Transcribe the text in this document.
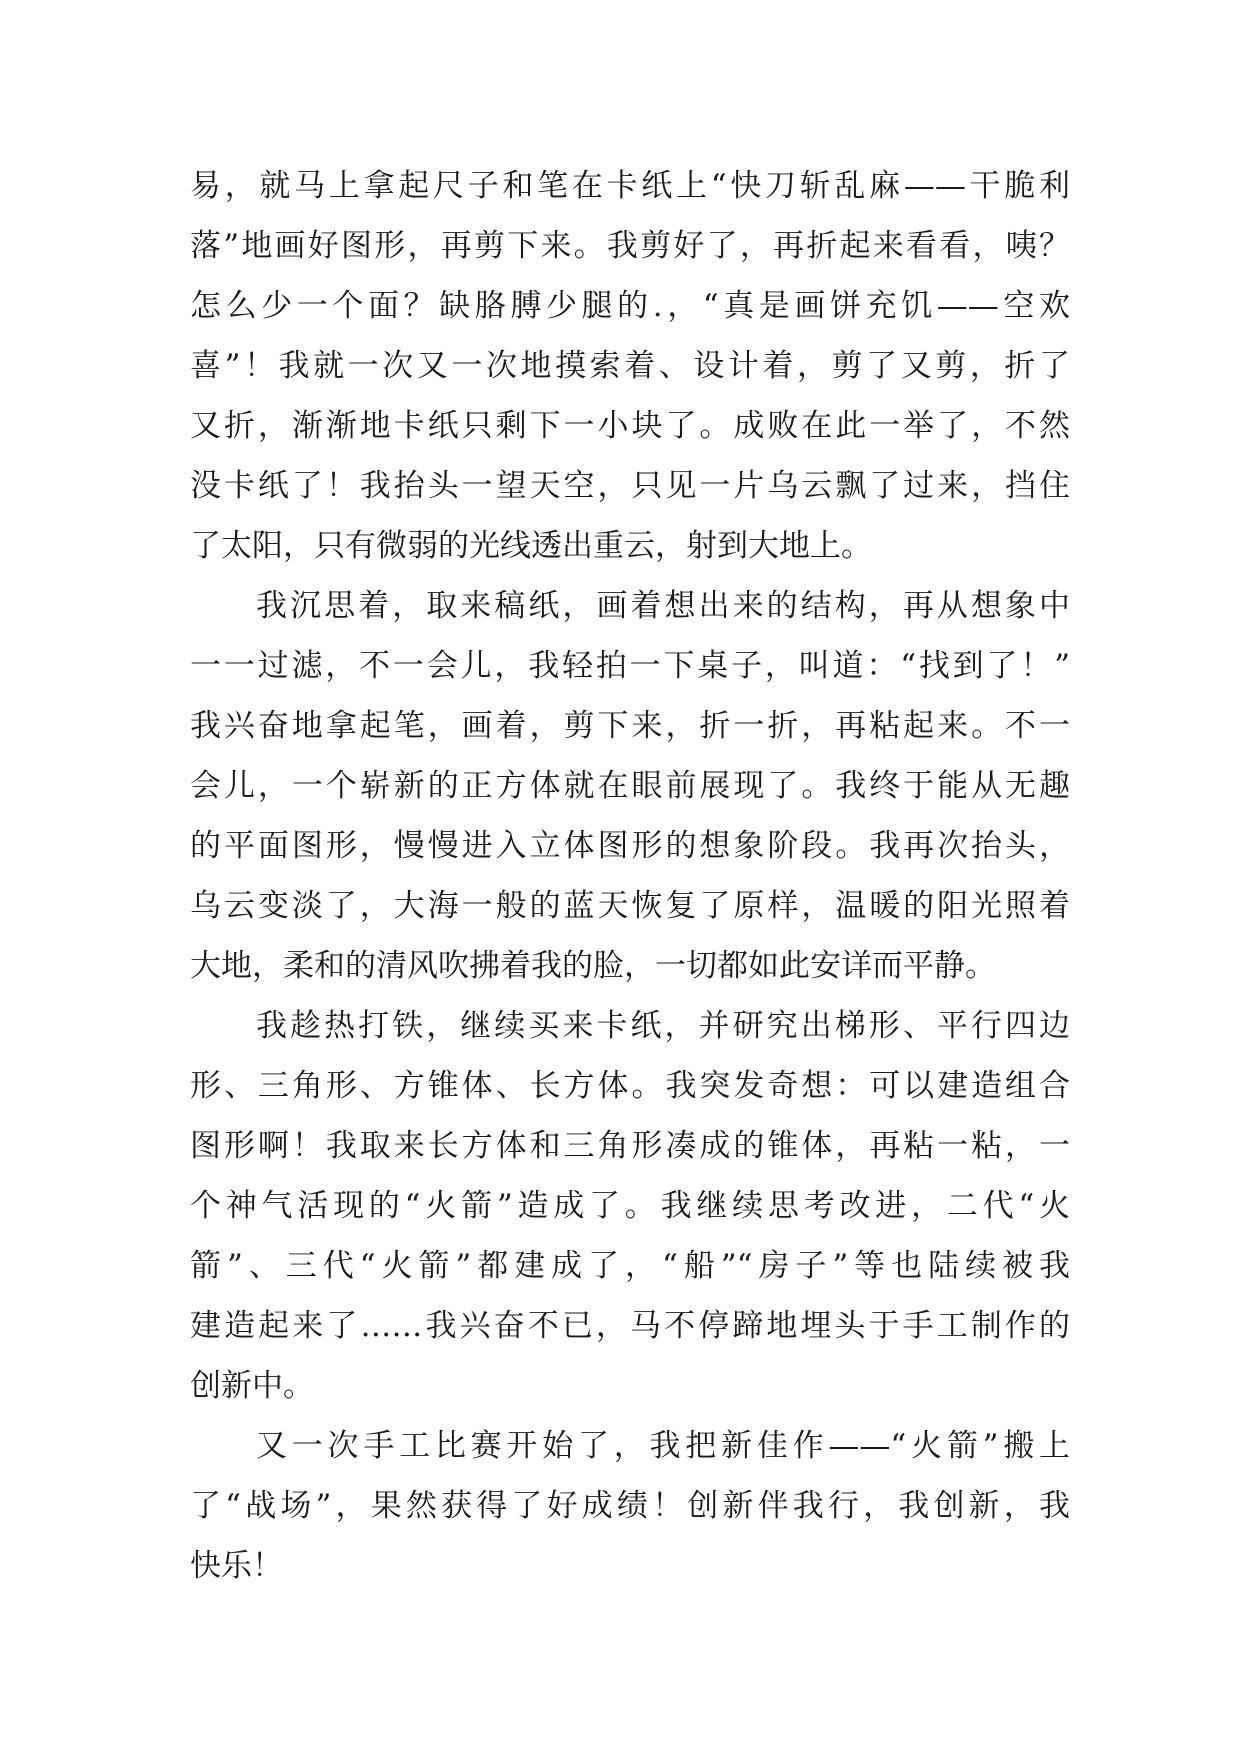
易，就马上拿起尺子和笔在卡纸上“快刀斩乱麻——干脆利
落”地画好图形，再剪下来。我剪好了，再折起来看看，咦？
怎么少一个面？缺胳膊少腿的.，“真是画饼充饥——空欢
喜”！我就一次又一次地摸索着、设计着，剪了又剪，折了
又折，渐渐地卡纸只剩下一小块了。成败在此一举了，不然
没卡纸了！我抬头一望天空，只见一片乌云飘了过来，挡住
了太阳，只有微弱的光线透出重云，射到大地上。
我沉思着，取来稿纸，画着想出来的结构，再从想象中
一一过滤，不一会儿，我轻拍一下桌子，叫道：“找到了！”
我兴奋地拿起笔，画着，剪下来，折一折，再粘起来。不一
会儿，一个崭新的正方体就在眼前展现了。我终于能从无趣
的平面图形，慢慢进入立体图形的想象阶段。我再次抬头，
乌云变淡了，大海一般的蓝天恢复了原样，温暖的阳光照着
大地，柔和的清风吹拂着我的脸，一切都如此安详而平静。
我趁热打铁，继续买来卡纸，并研究出梯形、平行四边
形、三角形、方锥体、长方体。我突发奇想：可以建造组合
图形啊！我取来长方体和三角形凑成的锥体，再粘一粘，一
个神气活现的“火箭”造成了。我继续思考改进，二代“火
箭”、三代“火箭”都建成了，“船”“房子”等也陆续被我
建造起来了……我兴奋不已，马不停蹄地埋头于手工制作的
创新中。
又一次手工比赛开始了，我把新佳作——“火箭”搬上
了“战场”，果然获得了好成绩！创新伴我行，我创新，我
快乐！
